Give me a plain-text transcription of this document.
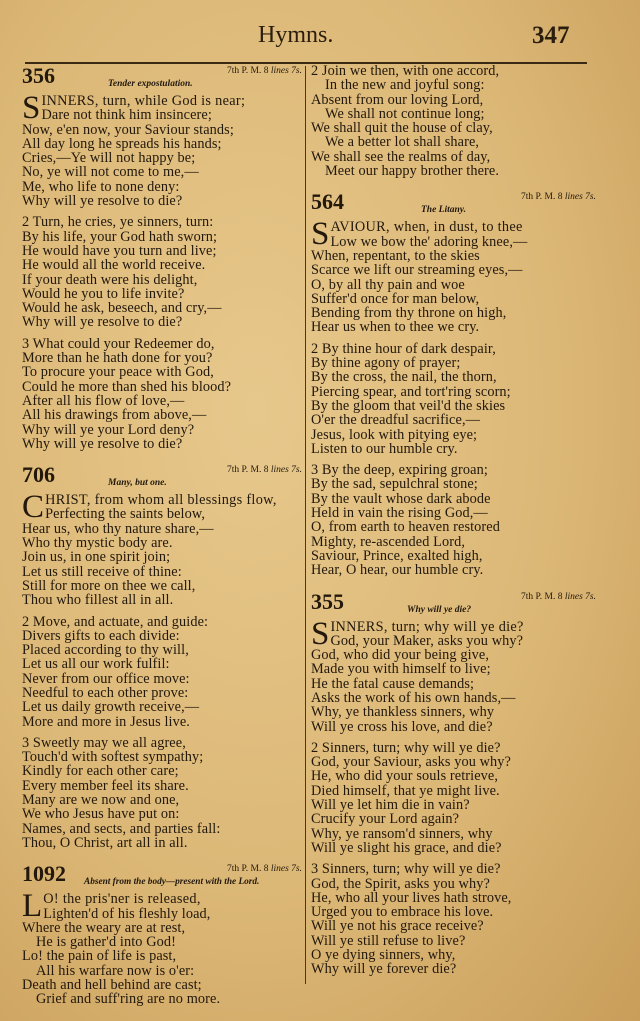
Hymns.	347
356	7th P. M. 8 lines 7s.
Tender expostulation.
SINNERS, turn, while God is near;
Dare not think him insincere;
Now, e'en now, your Saviour stands;
All day long he spreads his hands;
Cries,—Ye will not happy be;
No, ye will not come to me,—
Me, who life to none deny:
Why will ye resolve to die?
2 Turn, he cries, ye sinners, turn:
By his life, your God hath sworn;
He would have you turn and live;
He would all the world receive.
If your death were his delight,
Would he you to life invite?
Would he ask, beseech, and cry,—
Why will ye resolve to die?
3 What could your Redeemer do,
More than he hath done for you?
To procure your peace with God,
Could he more than shed his blood?
After all his flow of love,—
All his drawings from above,—
Why will ye your Lord deny?
Why will ye resolve to die?
706	7th P. M. 8 lines 7s.
Many, but one.
CHRIST, from whom all blessings flow,
Perfecting the saints below,
Hear us, who thy nature share,—
Who thy mystic body are.
Join us, in one spirit join;
Let us still receive of thine:
Still for more on thee we call,
Thou who fillest all in all.
2 Move, and actuate, and guide:
Divers gifts to each divide:
Placed according to thy will,
Let us all our work fulfil:
Never from our office move:
Needful to each other prove:
Let us daily growth receive,—
More and more in Jesus live.
3 Sweetly may we all agree,
Touch'd with softest sympathy;
Kindly for each other care;
Every member feel its share.
Many are we now and one,
We who Jesus have put on:
Names, and sects, and parties fall:
Thou, O Christ, art all in all.
1092	7th P. M. 8 lines 7s.
Absent from the body—present with the Lord.
L O! the pris'ner is released,
Lighten'd of his fleshly load,
Where the weary are at rest,
He is gather'd into God!
Lo! the pain of life is past,
All his warfare now is o'er:
Death and hell behind are cast;
Grief and suff'ring are no more.
2 Join we then, with one accord,
In the new and joyful song:
Absent from our loving Lord,
We shall not continue long;
We shall quit the house of clay,
We a better lot shall share,
We shall see the realms of day,
Meet our happy brother there.
564	7th P. M. 8 lines 7s.
The Litany.
SAVIOUR, when, in dust, to thee
Low we bow the' adoring knee,—
When, repentant, to the skies
Scarce we lift our streaming eyes,—
O, by all thy pain and woe
Suffer'd once for man below,
Bending from thy throne on high,
Hear us when to thee we cry.
2 By thine hour of dark despair,
By thine agony of prayer;
By the cross, the nail, the thorn,
Piercing spear, and tort'ring scorn;
By the gloom that veil'd the skies
O'er the dreadful sacrifice,—
Jesus, look with pitying eye;
Listen to our humble cry.
3 By the deep, expiring groan;
By the sad, sepulchral stone;
By the vault whose dark abode
Held in vain the rising God,—
O, from earth to heaven restored
Mighty, re-ascended Lord,
Saviour, Prince, exalted high,
Hear, O hear, our humble cry.
355	7th P. M. 8 lines 7s.
Why will ye die?
SINNERS, turn; why will ye die?
God, your Maker, asks you why?
God, who did your being give,
Made you with himself to live;
He the fatal cause demands;
Asks the work of his own hands,—
Why, ye thankless sinners, why
Will ye cross his love, and die?
2 Sinners, turn; why will ye die?
God, your Saviour, asks you why?
He, who did your souls retrieve,
Died himself, that ye might live.
Will ye let him die in vain?
Crucify your Lord again?
Why, ye ransom'd sinners, why
Will ye slight his grace, and die?
3 Sinners, turn; why will ye die?
God, the Spirit, asks you why?
He, who all your lives hath strove,
Urged you to embrace his love.
Will ye not his grace receive?
Will ye still refuse to live?
O ye dying sinners, why,
Why will ye forever die?
